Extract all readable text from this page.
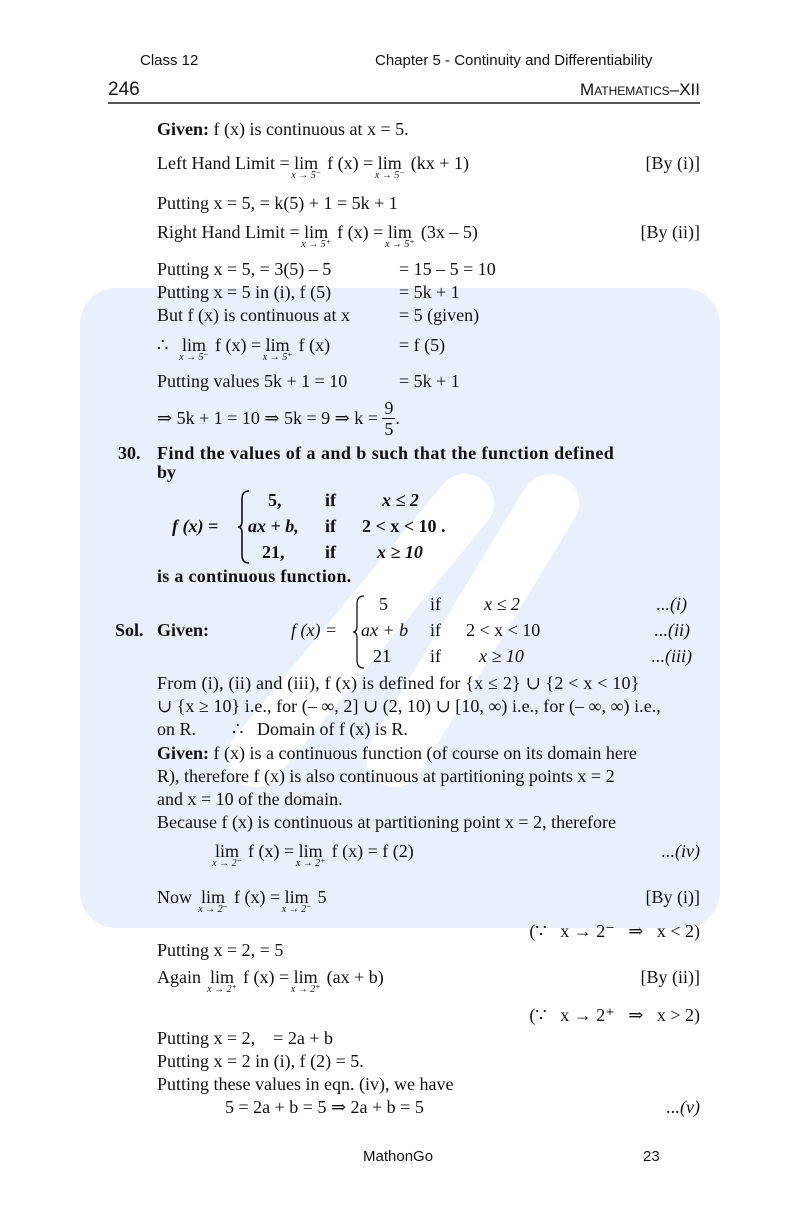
Class 12	Chapter 5 - Continuity and Differentiability
246	Mathematics–XII
Given: f (x) is continuous at x = 5.
Left Hand Limit = lim
x → 5⁻
f (x) = lim
x → 5⁻
(kx + 1)	[By (i)]
Putting x = 5, = k(5) + 1 = 5k + 1
Right Hand Limit = lim
x → 5⁺
f (x) = lim
x → 5⁺
(3x – 5)	[By (ii)]
Putting x = 5, = 3(5) – 5	= 15 – 5 = 10
Putting x = 5 in (i), f (5)	= 5k + 1
But f (x) is continuous at x	= 5 (given)
∴ lim
x → 5⁻
f (x) = lim
x → 5⁺
f (x)	= f (5)
Putting values 5k + 1 = 10	= 5k + 1
⇒ 5k + 1 = 10 ⇒ 5k = 9 ⇒ $k = \frac{9}{5}$ .
30. Find the values of a and b such that the function defined
by
f (x) =
5, if	x ≤ 2
ax + b, if 2 < x < 10 .
21, if x ≥ 10
is a continuous function.
Sol. Given:	f (x) =
5 if x ≤ 2	...(i)
ax + b if 2 < x < 10	...(ii)
21 if x ≥ 10	...(iii)
From (i), (ii) and (iii), f (x) is defined for {x ≤ 2} ∪ {2 < x < 10}
∪ {x ≥ 10} i.e., for (– ∞, 2] ∪ (2, 10) ∪ [10, ∞) i.e., for (– ∞, ∞) i.e.,
on R.        ∴   Domain of f (x) is R.
Given: f (x) is a continuous function (of course on its domain here
R), therefore f (x) is also continuous at partitioning points x = 2
and x = 10 of the domain.
Because f (x) is continuous at partitioning point x = 2, therefore
lim
x → 2⁻
f (x) = lim
x → 2⁺
f (x) = f (2)	...(iv)
Now lim
x → 2⁻
f (x) = lim
x → 2⁻
5	[By (i)]
(∵   x → 2⁻   ⇒   x < 2)
Putting x = 2, = 5
Again lim
x → 2⁺
f (x) = lim
x → 2⁺
(ax + b)	[By (ii)]
(∵   x → 2⁺   ⇒   x > 2)
Putting x = 2,    = 2a + b
Putting x = 2 in (i), f (2) = 5.
Putting these values in eqn. (iv), we have
5 = 2a + b = 5 ⇒ 2a + b = 5	...(v)
MathonGo	23
